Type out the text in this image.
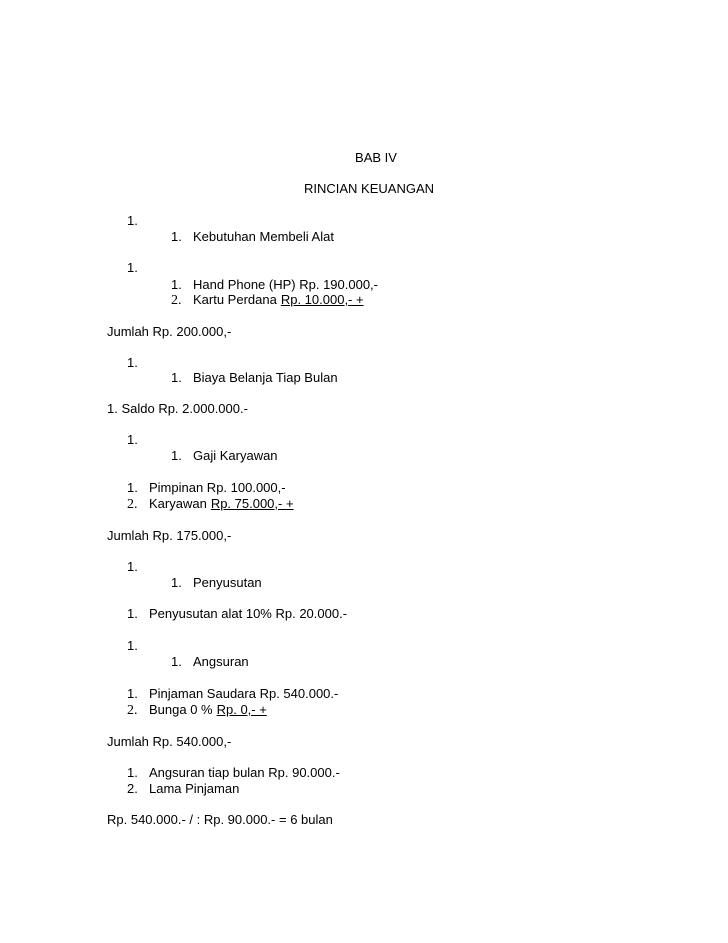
BAB IV
RINCIAN KEUANGAN
1.
1. Kebutuhan Membeli Alat
1.
1. Hand Phone (HP) Rp. 190.000,-
2. Kartu PerdanaRp. 10.000,- +
Jumlah Rp. 200.000,-
1.
1. Biaya Belanja Tiap Bulan
1. Saldo Rp. 2.000.000.-
1.
1. Gaji Karyawan
1. Pimpinan Rp. 100.000,-
2. KaryawanRp. 75.000,- +
Jumlah Rp. 175.000,-
1.
1. Penyusutan
1. Penyusutan alat 10% Rp. 20.000.-
1.
1. Angsuran
1. Pinjaman Saudara Rp. 540.000.-
2. Bunga 0 %Rp. 0,- +
Jumlah Rp. 540.000,-
1. Angsuran tiap bulan Rp. 90.000.-
2. Lama Pinjaman
Rp. 540.000.- / : Rp. 90.000.- = 6 bulan
